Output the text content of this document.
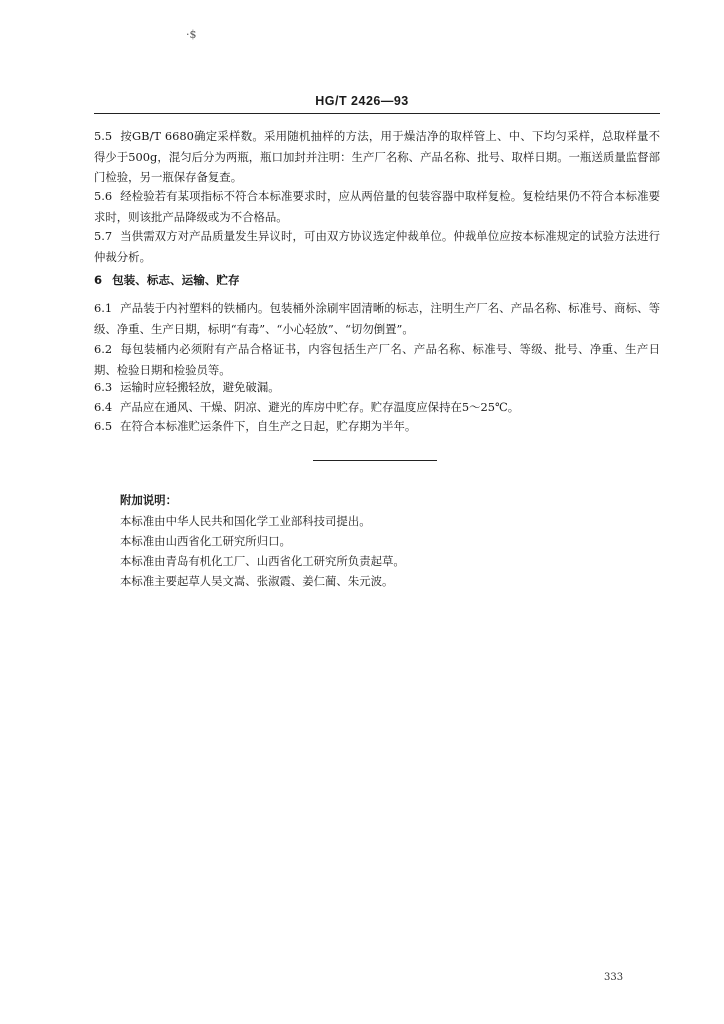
·$
HG/T 2426—93
5.5 按GB/T 6680确定采样数。采用随机抽样的方法，用于燥洁净的取样管上、中、下均匀采样，总取样量不得少于500g，混匀后分为两瓶，瓶口加封并注明：生产厂名称、产品名称、批号、取样日期。一瓶送质量监督部门检验，另一瓶保存备复查。
5.6 经检验若有某项指标不符合本标准要求时，应从两倍量的包装容器中取样复检。复检结果仍不符合本标准要求时，则该批产品降级或为不合格品。
5.7 当供需双方对产品质量发生异议时，可由双方协议选定仲裁单位。仲裁单位应按本标准规定的试验方法进行仲裁分析。
6 包装、标志、运输、贮存
6.1 产品装于内衬塑料的铁桶内。包装桶外涂刷牢固清晰的标志，注明生产厂名、产品名称、标准号、商标、等级、净重、生产日期，标明“有毒”、“小心轻放”、“切勿倒置”。
6.2 每包装桶内必须附有产品合格证书，内容包括生产厂名、产品名称、标准号、等级、批号、净重、生产日期、检验日期和检验员等。
6.3 运输时应轻搬轻放，避免破漏。
6.4 产品应在通风、干燥、阴凉、避光的库房中贮存。贮存温度应保持在5～25℃。
6.5 在符合本标准贮运条件下，自生产之日起，贮存期为半年。
附加说明：
本标准由中华人民共和国化学工业部科技司提出。
本标准由山西省化工研究所归口。
本标准由青岛有机化工厂、山西省化工研究所负责起草。
本标准主要起草人吴文嵩、张淑霞、姜仁蔺、朱元波。
333
